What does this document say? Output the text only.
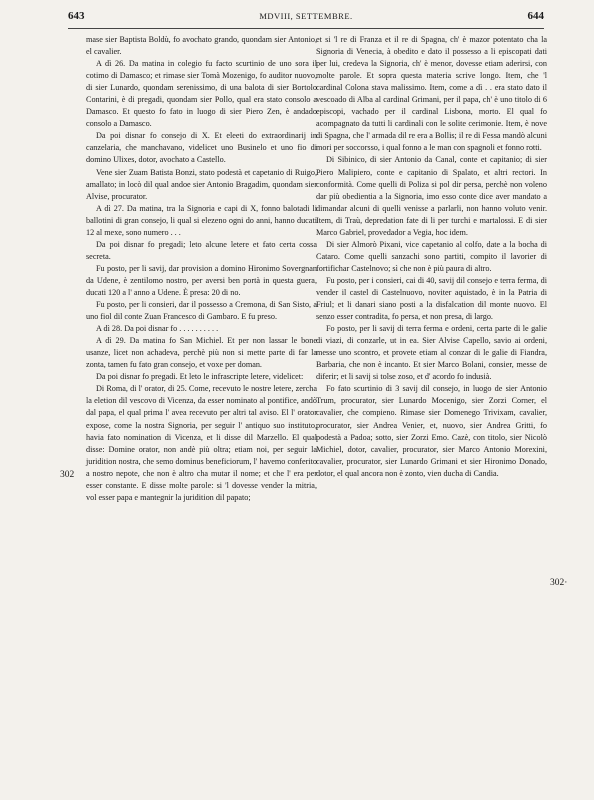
643	MDVIII, SETTEMBRE.	644
302
302·

mase sier Baptista Boldù, fo avochato grando, quondam sier Antonio, el cavalier.

A dì 26. Da matina in colegio fu facto scurtinio de uno sora il cotimo di Damasco; et rimase sier Tomà Mozenigo, fo auditor nuovo, di sier Lunardo, quondam serenissimo, di una balota di sier Bortolo Contarini, è di pregadi, quondam sier Pollo, qual era stato consolo a Damasco. Et questo fo fato in luogo di sier Piero Zen, è andado consolo a Damasco.

Da poi disnar fo consejo di X. Et eleeti do extraordinarij in canzelaria, che manchavano, videlicet uno Businelo et uno fio di domino Ulixes, dotor, avochato a Castello.

Vene sier Zuam Batista Bonzi, stato podestà et capetanio di Ruigo, amallato; in locò dil qual andoe sier Antonio Bragadim, quondam sier Alvise, procurator.

A dì 27. Da matina, tra la Signoria e capi di X, fonno balotadi li ballotini di gran consejo, li qual si elezeno ogni do anni, hanno ducati 12 al mexe, sono numero . . .

Da poi disnar fo pregadi; leto alcune letere et fato certa cossa secreta.

Fu posto, per li savij, dar provision a domino Hironimo Sovergnan da Udene, è zentilomo nostro, per aversi ben portà in questa guera, ducati 120 a l' anno a Udene. È presa: 20 di no.

Fu posto, per li consieri, dar il possesso a Cremona, di San Sisto, a uno fiol dil conte Zuan Francesco di Gambaro. E fu preso.

A dì 28. Da poi disnar fo . . . . . . . . . .

A dì 29. Da matina fo San Michiel. Et per non lassar le bone usanze, licet non achadeva, perchè più non si mette parte di far la zonta, tamen fu fato gran consejo, et voxe per doman.

Da poi disnar fo pregadi. Et leto le infrascripte letere, videlicet:

Di Roma, di l' orator, di 25. Come, recevuto le nostre letere, zercha la eletion dil vescovo di Vicenza, da esser nominato al pontifice, andò dal papa, el qual prima l' avea recevuto per altri tal aviso. El l' orator expose, come la nostra Signoria, per seguir l' antiquo suo instituto, havia fato nomination di Vicenza, et li disse dil Marzello. El qual disse: Domine orator, non andè più oltra; etiam noi, per seguir la juridition nostra, che semo dominus beneficiorum, l' havemo conferito a nostro nepote, che non è altro cha mutar il nome; et che l' era per esser constante. E disse molte parole: si 'l dovesse vender la mitria, vol esser papa e mantegnir la juridition dil papato;

et si 'l re di Franza et il re di Spagna, ch' è mazor potentato cha la Signoria di Venecia, à obedito e dato il possesso a li episcopati dati per lui, credeva la Signoria, ch' è menor, dovesse etiam aderirsi, con molte parole. Et sopra questa materia scrive longo. Item, che 'l cardinal Colona stava malissimo. Item, come a dì . . era stato dato il vescoado di Alba al cardinal Grimani, per il papa, ch' è uno titolo di 6 episcopi, vachado per il cardinal Lisbona, morto. El qual fo acompagnato da tutti li cardinali con le solite cerimonie. Item, è nove di Spagna, che l' armada dil re era a Bollis; il re di Fessa mandò alcuni mori per soccorsso, i qual fonno a le man con spagnoli et fonno rotti.

Di Sibinico, di sier Antonio da Canal, conte et capitanio; di sier Piero Malipiero, conte e capitanio di Spalato, et altri rectori. In conformità. Come quelli di Poliza si pol dir persa, perchè non voleno dar più obedientia a la Signoria, imo esso conte dice aver mandato a dimandar alcuni di quelli venisse a parlarli, non hanno voluto venir. Item, di Traù, depredation fate di li per turchi e martalossi. E di sier Marco Gabriel, provedador a Vegia, hoc idem.

Di sier Almorò Pixani, vice capetanio al colfo, date a la bocha di Cataro. Come quelli sanzachi sono partiti, compito il lavorier di fortifichar Castelnovo; sì che non è più paura di altro.

Fu posto, per i consieri, cai di 40, savij dil consejo e terra ferma, di vender il castel di Castelnuovo, noviter aquistado, è in la Patria di Friul; et li danari siano posti a la disfalcation dil monte nuovo. El senzo esser contradita, fo persa, et non presa, di largo.

Fo posto, per li savij di terra ferma e ordeni, certa parte di le galie di viazi, di conzarle, ut in ea. Sier Alvise Capello, savio ai ordeni, messe uno scontro, et provete etiam al conzar di le galie di Fiandra, Barbaria, che non è incanto. Et sier Marco Bolani, consier, messe de diferir; et li savij si tolse zoso, et d' acordo fo indusià.

Fo fato scurtinio di 3 savij dil consejo, in luogo de sier Antonio Trum, procurator, sier Lunardo Mocenigo, sier Zorzi Corner, el cavalier, che compieno. Rimase sier Domenego Trivixam, cavalier, procurator, sier Andrea Venier, et, nuovo, sier Andrea Gritti, fo podestà a Padoa; sotto, sier Zorzi Emo. Cazè, con titolo, sier Nicolò Michiel, dotor, cavalier, procurator, sier Marco Antonio Morexini, cavalier, procurator, sier Lunardo Grimani et sier Hironimo Donado, dotor, el qual ancora non è zonto, vien ducha di Candia.
